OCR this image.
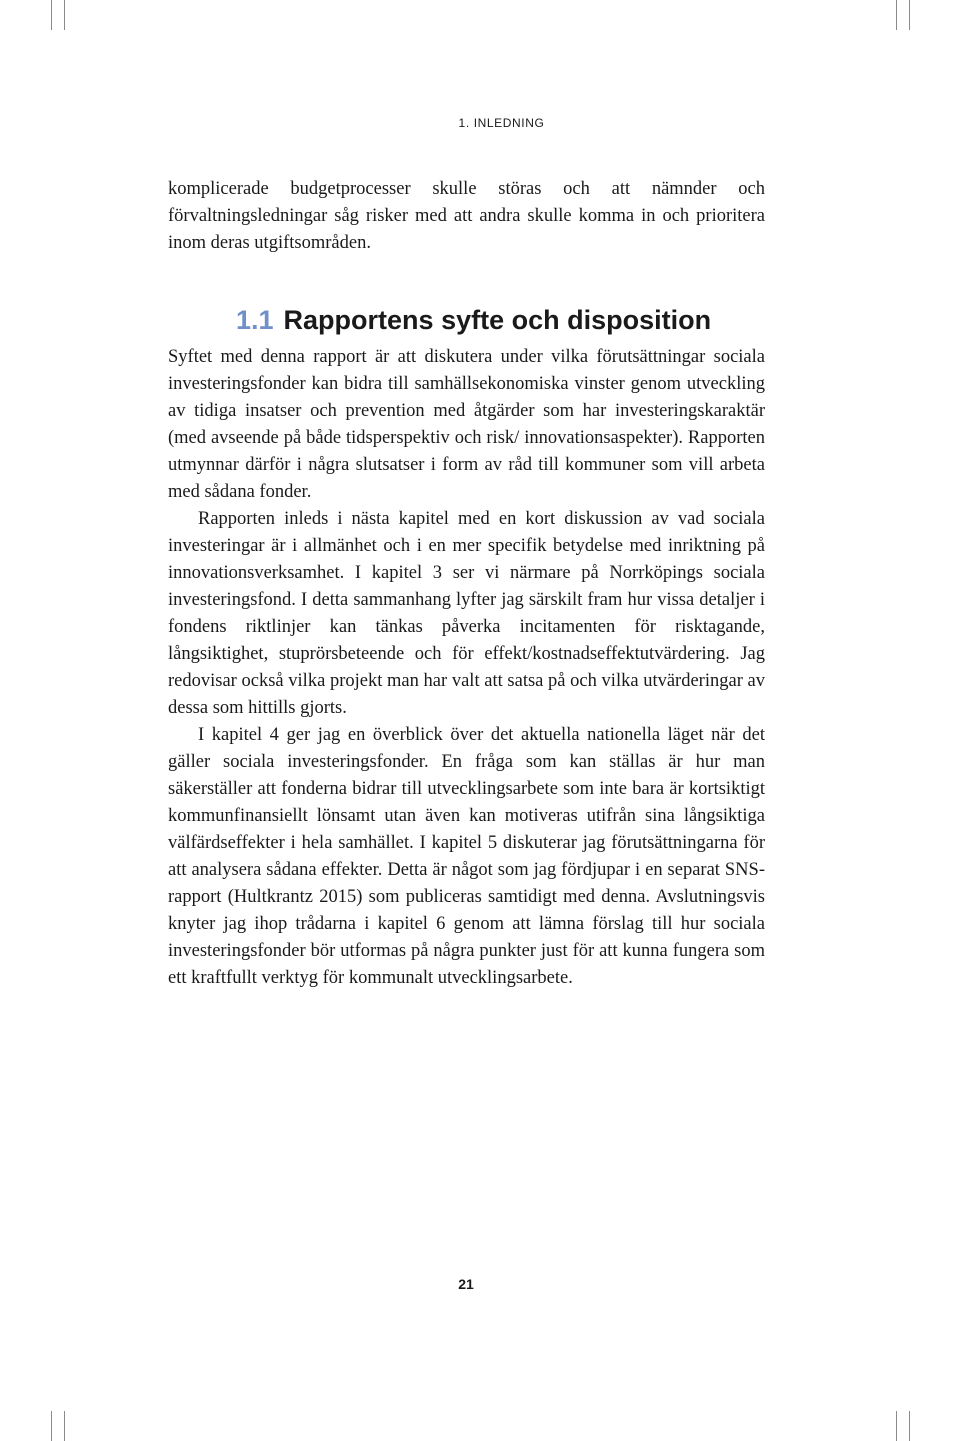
1. INLEDNING

komplicerade budgetprocesser skulle störas och att nämnder och förvaltningsledningar såg risker med att andra skulle komma in och prioritera inom deras utgiftsområden.

1.1 Rapportens syfte och disposition

Syftet med denna rapport är att diskutera under vilka förutsättningar sociala investeringsfonder kan bidra till samhällsekonomiska vinster genom utveckling av tidiga insatser och prevention med åtgärder som har investeringskaraktär (med avseende på både tidsperspektiv och risk/ innovationsaspekter). Rapporten utmynnar därför i några slutsatser i form av råd till kommuner som vill arbeta med sådana fonder.

Rapporten inleds i nästa kapitel med en kort diskussion av vad sociala investeringar är i allmänhet och i en mer specifik betydelse med inriktning på innovationsverksamhet. I kapitel 3 ser vi närmare på Norrköpings sociala investeringsfond. I detta sammanhang lyfter jag särskilt fram hur vissa detaljer i fondens riktlinjer kan tänkas påverka incitamenten för risktagande, långsiktighet, stuprörsbeteende och för effekt/kostnadseffektutvärdering. Jag redovisar också vilka projekt man har valt att satsa på och vilka utvärderingar av dessa som hittills gjorts.

I kapitel 4 ger jag en överblick över det aktuella nationella läget när det gäller sociala investeringsfonder. En fråga som kan ställas är hur man säkerställer att fonderna bidrar till utvecklingsarbete som inte bara är kortsiktigt kommunfinansiellt lönsamt utan även kan motiveras utifrån sina långsiktiga välfärdseffekter i hela samhället. I kapitel 5 diskuterar jag förutsättningarna för att analysera sådana effekter. Detta är något som jag fördjupar i en separat SNS-rapport (Hultkrantz 2015) som publiceras samtidigt med denna. Avslutningsvis knyter jag ihop trådarna i kapitel 6 genom att lämna förslag till hur sociala investeringsfonder bör utformas på några punkter just för att kunna fungera som ett kraftfullt verktyg för kommunalt utvecklingsarbete.

21
